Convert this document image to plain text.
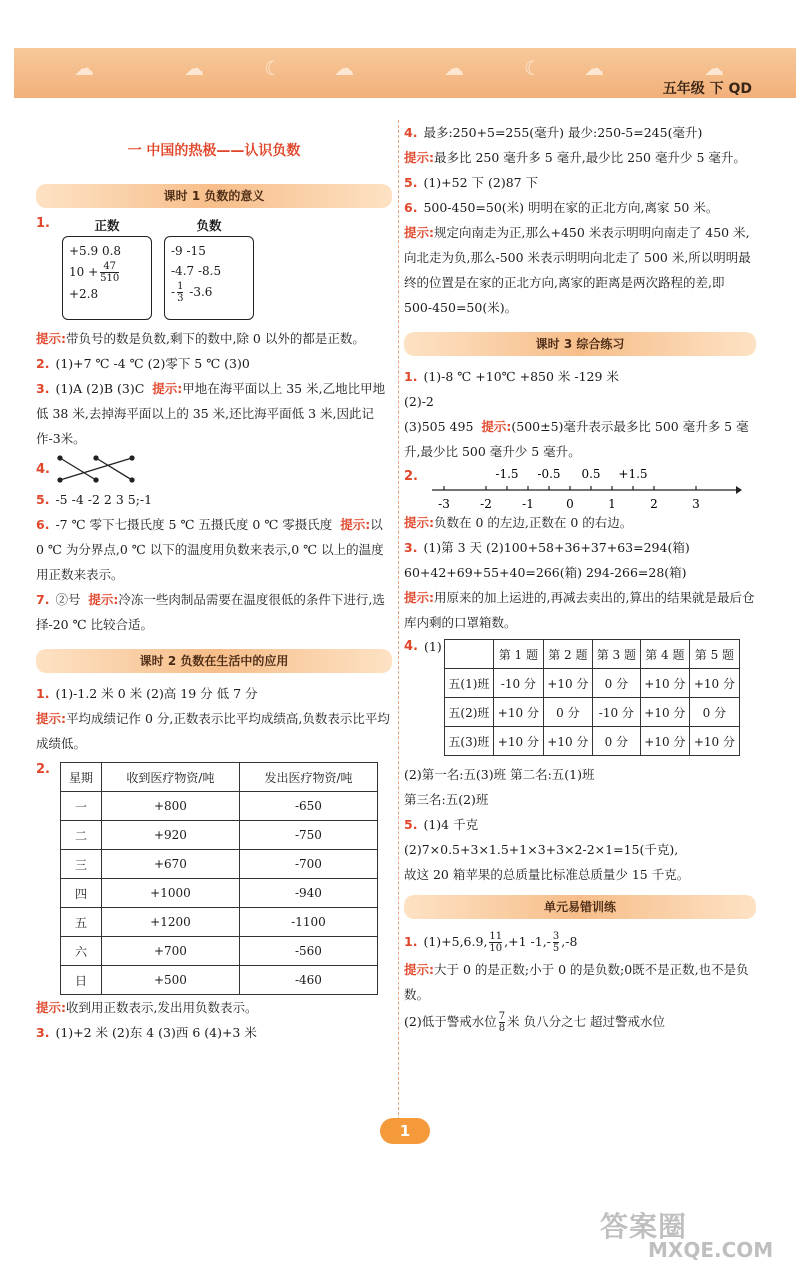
☁	☁	☾	☁	☁	☾ ☁	☁
五年级 下 QD
一 中国的热极——认识负数
课时 1 负数的意义
1.	正数
+5.9 0.8
$10 + \frac{47}{510}$
+2.8
负数
-9 -15
-4.7 -8.5
- $\frac{1}{3} -3.6$

提示:带负号的数是负数,剩下的数中,除 0 以外的都是正数。

2. (1)+7 ℃ -4 ℃ (2)零下 5 ℃ (3)0

3. (1)A (2)B (3)C 提示:甲地在海平面以上 35 米,乙地比甲地低 38 米,去掉海平面以上的 35 米,还比海平面低 3 米,因此记作-3米。

4.

5. -5 -4 -2 2 3 5;-1

6. -7 ℃ 零下七摄氏度 5 ℃ 五摄氏度 0 ℃ 零摄氏度 提示:以 0 ℃ 为分界点,0 ℃ 以下的温度用负数来表示,0 ℃ 以上的温度用正数来表示。

7. ②号 提示:冷冻一些肉制品需要在温度很低的条件下进行,选择-20 ℃ 比较合适。

课时 2 负数在生活中的应用

1. (1)-1.2 米 0 米 (2)高 19 分 低 7 分

提示:平均成绩记作 0 分,正数表示比平均成绩高,负数表示比平均成绩低。

2.
星期	收到医疗物资/吨	发出医疗物资/吨
一	+800	-650
二	+920	-750
三	+670	-700
四	+1000	-940
五	+1200	-1100
六	+700	-560
日	+500	-460

提示:收到用正数表示,发出用负数表示。

3. (1)+2 米 (2)东 4 (3)西 6 (4)+3 米

4. 最多:250+5=255(毫升) 最少:250-5=245(毫升)

提示:最多比 250 毫升多 5 毫升,最少比 250 毫升少 5 毫升。

5. (1)+52 下 (2)87 下

6. 500-450=50(米) 明明在家的正北方向,离家 50 米。

提示:规定向南走为正,那么+450 米表示明明向南走了 450 米,向北走为负,那么-500 米表示明明向北走了 500 米,所以明明最终的位置是在家的正北方向,离家的距离是两次路程的差,即 500-450=50(米)。

课时 3 综合练习

1. (1)-8 ℃ +10℃ +850 米 -129 米

(2)-2

(3)505 495 提示:(500±5)毫升表示最多比 500 毫升多 5 毫升,最少比 500 毫升少 5 毫升。

2.
-3	-2	-1	0	1	2	3
-1.5 -0.5 0.5 +1.5

提示:负数在 0 的左边,正数在 0 的右边。

3. (1)第 3 天 (2)100+58+36+37+63=294(箱)

60+42+69+55+40=266(箱) 294-266=28(箱)

提示:用原来的加上运进的,再减去卖出的,算出的结果就是最后仓库内剩的口罩箱数。

4. (1)
	第 1 题	第 2 题	第 3 题	第 4 题	第 5 题
五(1)班	-10 分	+10 分	0 分	+10 分	+10 分
五(2)班	+10 分	0 分	-10 分	+10 分	0 分
五(3)班	+10 分	+10 分	0 分	+10 分	+10 分

(2)第一名:五(3)班 第二名:五(1)班

第三名:五(2)班

5. (1)4 千克

(2)7×0.5+3×1.5+1×3+3×2-2×1=15(千克),

故这 20 箱苹果的总质量比标准总质量少 15 千克。

单元易错训练

1. (1)+5,6.9, $\frac{11}{10} ,+1$ $-1,- \frac{3}{5} ,-8$

提示:大于 0 的是正数;小于 0 的是负数;0既不是正数,也不是负数。

(2)低于警戒水位 $\frac{7}{8}$ 米 负八分之七 超过警戒水位

1
答案圈
MXQE.COM
